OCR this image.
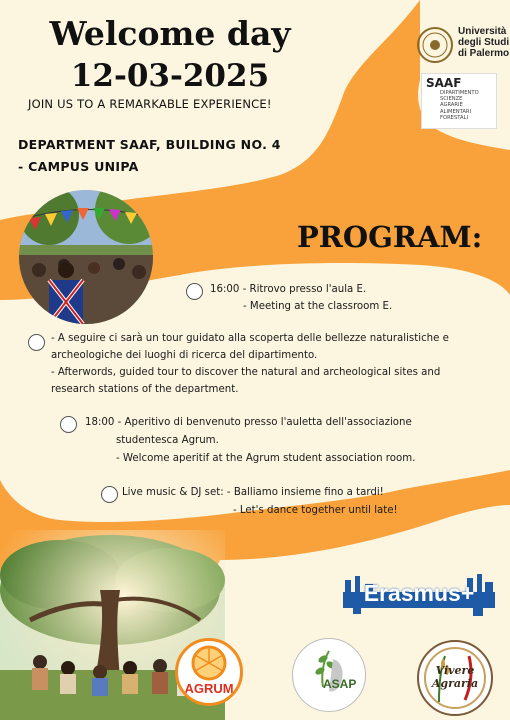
Welcome day
12-03-2025
JOIN US TO A REMARKABLE EXPERIENCE!
Università
degli Studi
di Palermo
SAAF
DIPARTIMENTO
SCIENZE
AGRARIE
ALIMENTARI
FORESTALI
DEPARTMENT SAAF, BUILDING NO. 4
- CAMPUS UNIPA
PROGRAM:
16:00 - Ritrovo presso l'aula E.
- Meeting at the classroom E.
- A seguire ci sarà un tour guidato alla scoperta delle bellezze naturalistiche e
archeologiche dei luoghi di ricerca del dipartimento.
- Afterwords, guided tour to discover the natural and archeological sites and
research stations of the department.
18:00 - Aperitivo di benvenuto presso l'auletta dell'associazione
studentesca Agrum.
- Welcome aperitif at the Agrum student association room.
Live music & DJ set: - Balliamo insieme fino a tardi!
- Let's dance together until late!
Erasmus+
AGRUM	ASAP
Vivere Agraria
